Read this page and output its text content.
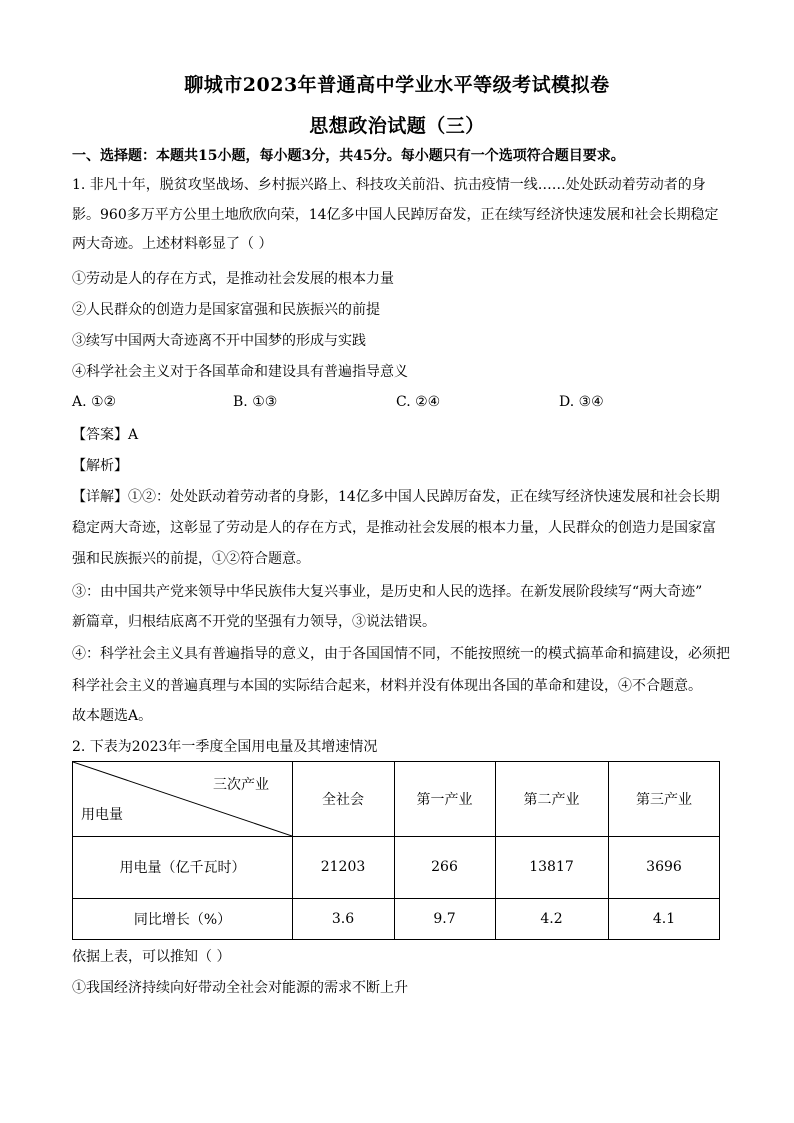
聊城市2023年普通高中学业水平等级考试模拟卷
思想政治试题（三）
一、选择题：本题共15小题，每小题3分，共45分。每小题只有一个选项符合题目要求。
1. 非凡十年，脱贫攻坚战场、乡村振兴路上、科技攻关前沿、抗击疫情一线……处处跃动着劳动者的身
影。960多万平方公里土地欣欣向荣，14亿多中国人民踔厉奋发，正在续写经济快速发展和社会长期稳定
两大奇迹。上述材料彰显了（ ）
①劳动是人的存在方式，是推动社会发展的根本力量
②人民群众的创造力是国家富强和民族振兴的前提
③续写中国两大奇迹离不开中国梦的形成与实践
④科学社会主义对于各国革命和建设具有普遍指导意义
A. ①②	B. ①③	C. ②④	D. ③④
【答案】A
【解析】
【详解】①②：处处跃动着劳动者的身影，14亿多中国人民踔厉奋发，正在续写经济快速发展和社会长期
稳定两大奇迹，这彰显了劳动是人的存在方式，是推动社会发展的根本力量，人民群众的创造力是国家富
强和民族振兴的前提，①②符合题意。
③：由中国共产党来领导中华民族伟大复兴事业，是历史和人民的选择。在新发展阶段续写“两大奇迹”
新篇章，归根结底离不开党的坚强有力领导，③说法错误。
④：科学社会主义具有普遍指导的意义，由于各国国情不同，不能按照统一的模式搞革命和搞建设，必须把
科学社会主义的普遍真理与本国的实际结合起来，材料并没有体现出各国的革命和建设，④不合题意。
故本题选A。
2. 下表为2023年一季度全国用电量及其增速情况
三次产业
用电量
全社会	第一产业	第二产业	第三产业
用电量（亿千瓦时）	21203	266	13817	3696
同比增长（%）	3.6	9.7	4.2	4.1
依据上表，可以推知（ ）
①我国经济持续向好带动全社会对能源的需求不断上升
